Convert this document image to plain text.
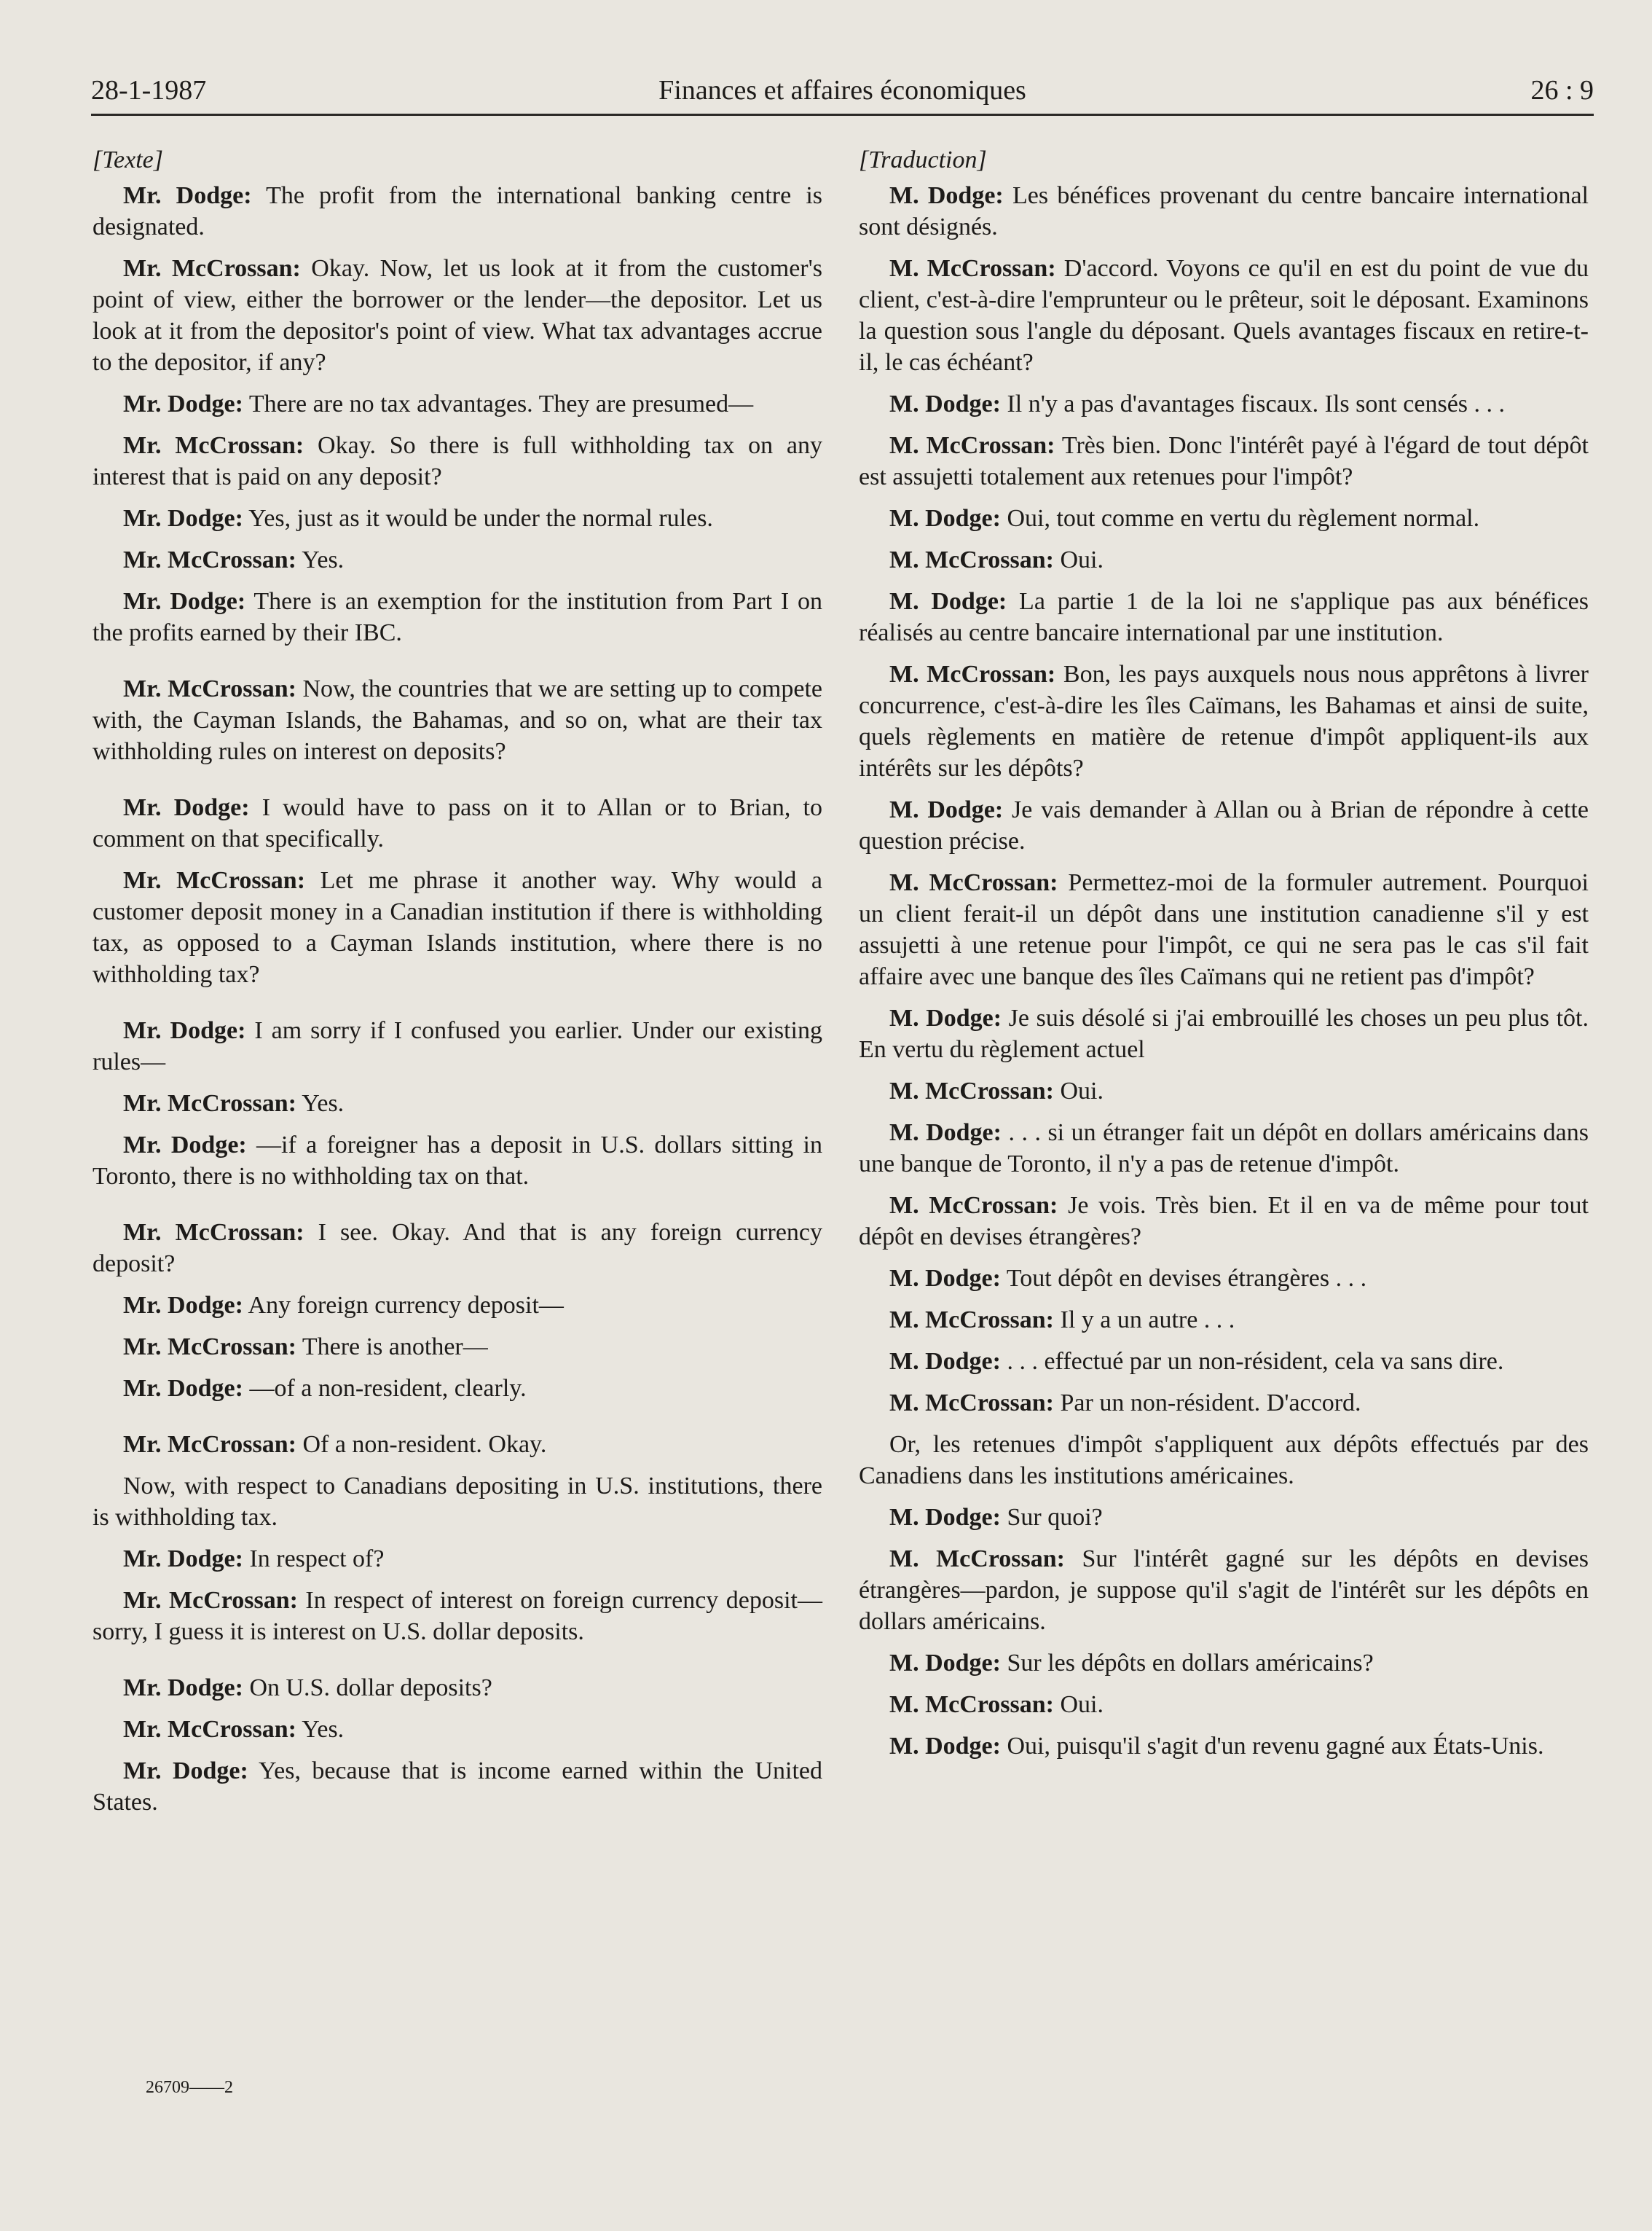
28-1-1987	Finances et affaires économiques	26 : 9
[Texte]
Mr. Dodge: The profit from the international banking centre is designated.
Mr. McCrossan: Okay. Now, let us look at it from the customer's point of view, either the borrower or the lender—the depositor. Let us look at it from the depositor's point of view. What tax advantages accrue to the depositor, if any?
Mr. Dodge: There are no tax advantages. They are presumed—
Mr. McCrossan: Okay. So there is full withholding tax on any interest that is paid on any deposit?
Mr. Dodge: Yes, just as it would be under the normal rules.
Mr. McCrossan: Yes.
Mr. Dodge: There is an exemption for the institution from Part I on the profits earned by their IBC.
Mr. McCrossan: Now, the countries that we are setting up to compete with, the Cayman Islands, the Bahamas, and so on, what are their tax withholding rules on interest on deposits?
Mr. Dodge: I would have to pass on it to Allan or to Brian, to comment on that specifically.
Mr. McCrossan: Let me phrase it another way. Why would a customer deposit money in a Canadian institution if there is withholding tax, as opposed to a Cayman Islands institution, where there is no withholding tax?
Mr. Dodge: I am sorry if I confused you earlier. Under our existing rules—
Mr. McCrossan: Yes.
Mr. Dodge: —if a foreigner has a deposit in U.S. dollars sitting in Toronto, there is no withholding tax on that.
Mr. McCrossan: I see. Okay. And that is any foreign currency deposit?
Mr. Dodge: Any foreign currency deposit—
Mr. McCrossan: There is another—
Mr. Dodge: —of a non-resident, clearly.
Mr. McCrossan: Of a non-resident. Okay.
Now, with respect to Canadians depositing in U.S. institutions, there is withholding tax.
Mr. Dodge: In respect of?
Mr. McCrossan: In respect of interest on foreign currency deposit—sorry, I guess it is interest on U.S. dollar deposits.
Mr. Dodge: On U.S. dollar deposits?
Mr. McCrossan: Yes.
Mr. Dodge: Yes, because that is income earned within the United States.
[Traduction]
M. Dodge: Les bénéfices provenant du centre bancaire international sont désignés.
M. McCrossan: D'accord. Voyons ce qu'il en est du point de vue du client, c'est-à-dire l'emprunteur ou le prêteur, soit le déposant. Examinons la question sous l'angle du déposant. Quels avantages fiscaux en retire-t-il, le cas échéant?
M. Dodge: Il n'y a pas d'avantages fiscaux. Ils sont censés . . .
M. McCrossan: Très bien. Donc l'intérêt payé à l'égard de tout dépôt est assujetti totalement aux retenues pour l'impôt?
M. Dodge: Oui, tout comme en vertu du règlement normal.
M. McCrossan: Oui.
M. Dodge: La partie 1 de la loi ne s'applique pas aux bénéfices réalisés au centre bancaire international par une institution.
M. McCrossan: Bon, les pays auxquels nous nous apprêtons à livrer concurrence, c'est-à-dire les îles Caïmans, les Bahamas et ainsi de suite, quels règlements en matière de retenue d'impôt appliquent-ils aux intérêts sur les dépôts?
M. Dodge: Je vais demander à Allan ou à Brian de répondre à cette question précise.
M. McCrossan: Permettez-moi de la formuler autrement. Pourquoi un client ferait-il un dépôt dans une institution canadienne s'il y est assujetti à une retenue pour l'impôt, ce qui ne sera pas le cas s'il fait affaire avec une banque des îles Caïmans qui ne retient pas d'impôt?
M. Dodge: Je suis désolé si j'ai embrouillé les choses un peu plus tôt. En vertu du règlement actuel
M. McCrossan: Oui.
M. Dodge: . . . si un étranger fait un dépôt en dollars américains dans une banque de Toronto, il n'y a pas de retenue d'impôt.
M. McCrossan: Je vois. Très bien. Et il en va de même pour tout dépôt en devises étrangères?
M. Dodge: Tout dépôt en devises étrangères . . .
M. McCrossan: Il y a un autre . . .
M. Dodge: . . . effectué par un non-résident, cela va sans dire.
M. McCrossan: Par un non-résident. D'accord.
Or, les retenues d'impôt s'appliquent aux dépôts effectués par des Canadiens dans les institutions américaines.
M. Dodge: Sur quoi?
M. McCrossan: Sur l'intérêt gagné sur les dépôts en devises étrangères—pardon, je suppose qu'il s'agit de l'intérêt sur les dépôts en dollars américains.
M. Dodge: Sur les dépôts en dollars américains?
M. McCrossan: Oui.
M. Dodge: Oui, puisqu'il s'agit d'un revenu gagné aux États-Unis.
26709——2
